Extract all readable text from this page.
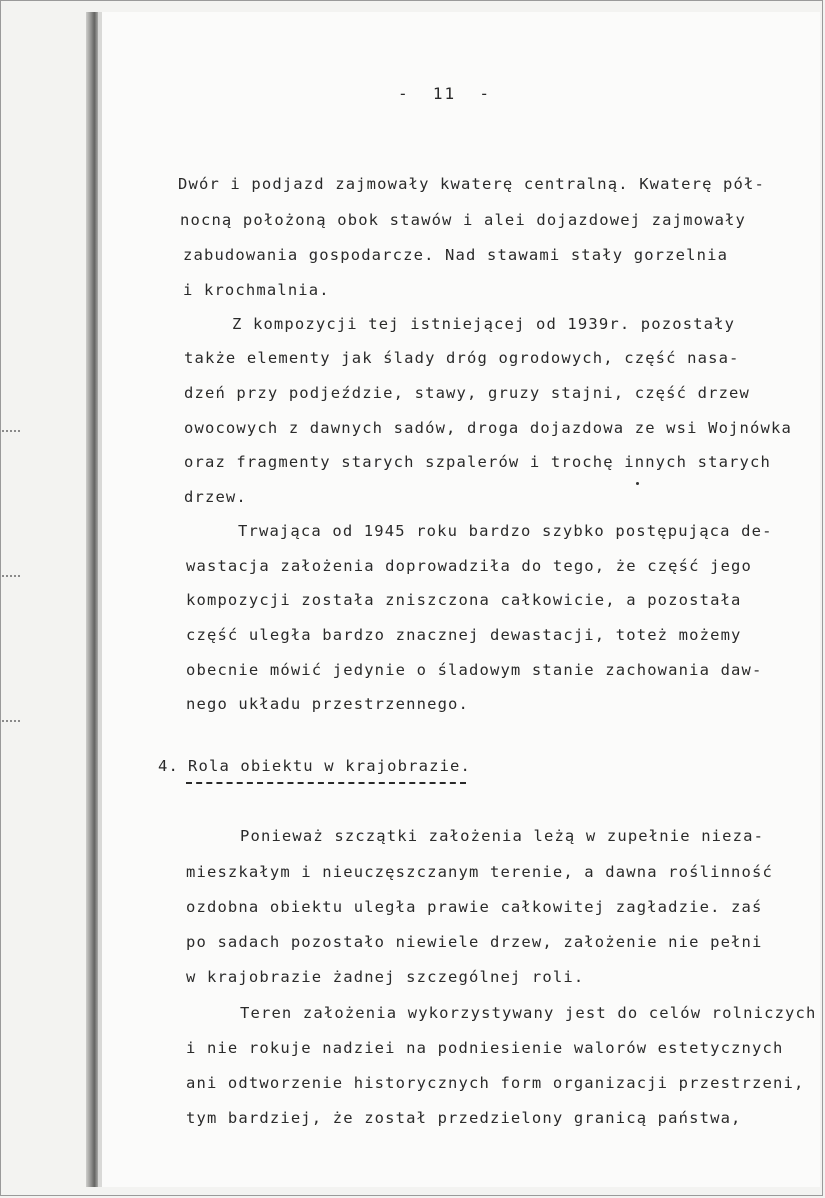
-  11  -
Dwór i podjazd zajmowały kwaterę centralną. Kwaterę pół-
nocną położoną obok stawów i alei dojazdowej zajmowały
zabudowania gospodarcze. Nad stawami stały gorzelnia
i krochmalnia.
Z kompozycji tej istniejącej od 1939r. pozostały
także elementy jak ślady dróg ogrodowych, część nasa-
dzeń przy podjeździe, stawy, gruzy stajni, część drzew
owocowych z dawnych sadów, droga dojazdowa ze wsi Wojnówka
oraz fragmenty starych szpalerów i trochę innych starych
drzew.
Trwająca od 1945 roku bardzo szybko postępująca de-
wastacja założenia doprowadziła do tego, że część jego
kompozycji została zniszczona całkowicie, a pozostała
część uległa bardzo znacznej dewastacji, toteż możemy
obecnie mówić jedynie o śladowym stanie zachowania daw-
nego układu przestrzennego.
4. Rola obiektu w krajobrazie.
Ponieważ szczątki założenia leżą w zupełnie nieza-
mieszkałym i nieuczęszczanym terenie, a dawna roślinność
ozdobna obiektu uległa prawie całkowitej zagładzie. zaś
po sadach pozostało niewiele drzew, założenie nie pełni
w krajobrazie żadnej szczególnej roli.
Teren założenia wykorzystywany jest do celów rolniczych
i nie rokuje nadziei na podniesienie walorów estetycznych
ani odtworzenie historycznych form organizacji przestrzeni,
tym bardziej, że został przedzielony granicą państwa,
